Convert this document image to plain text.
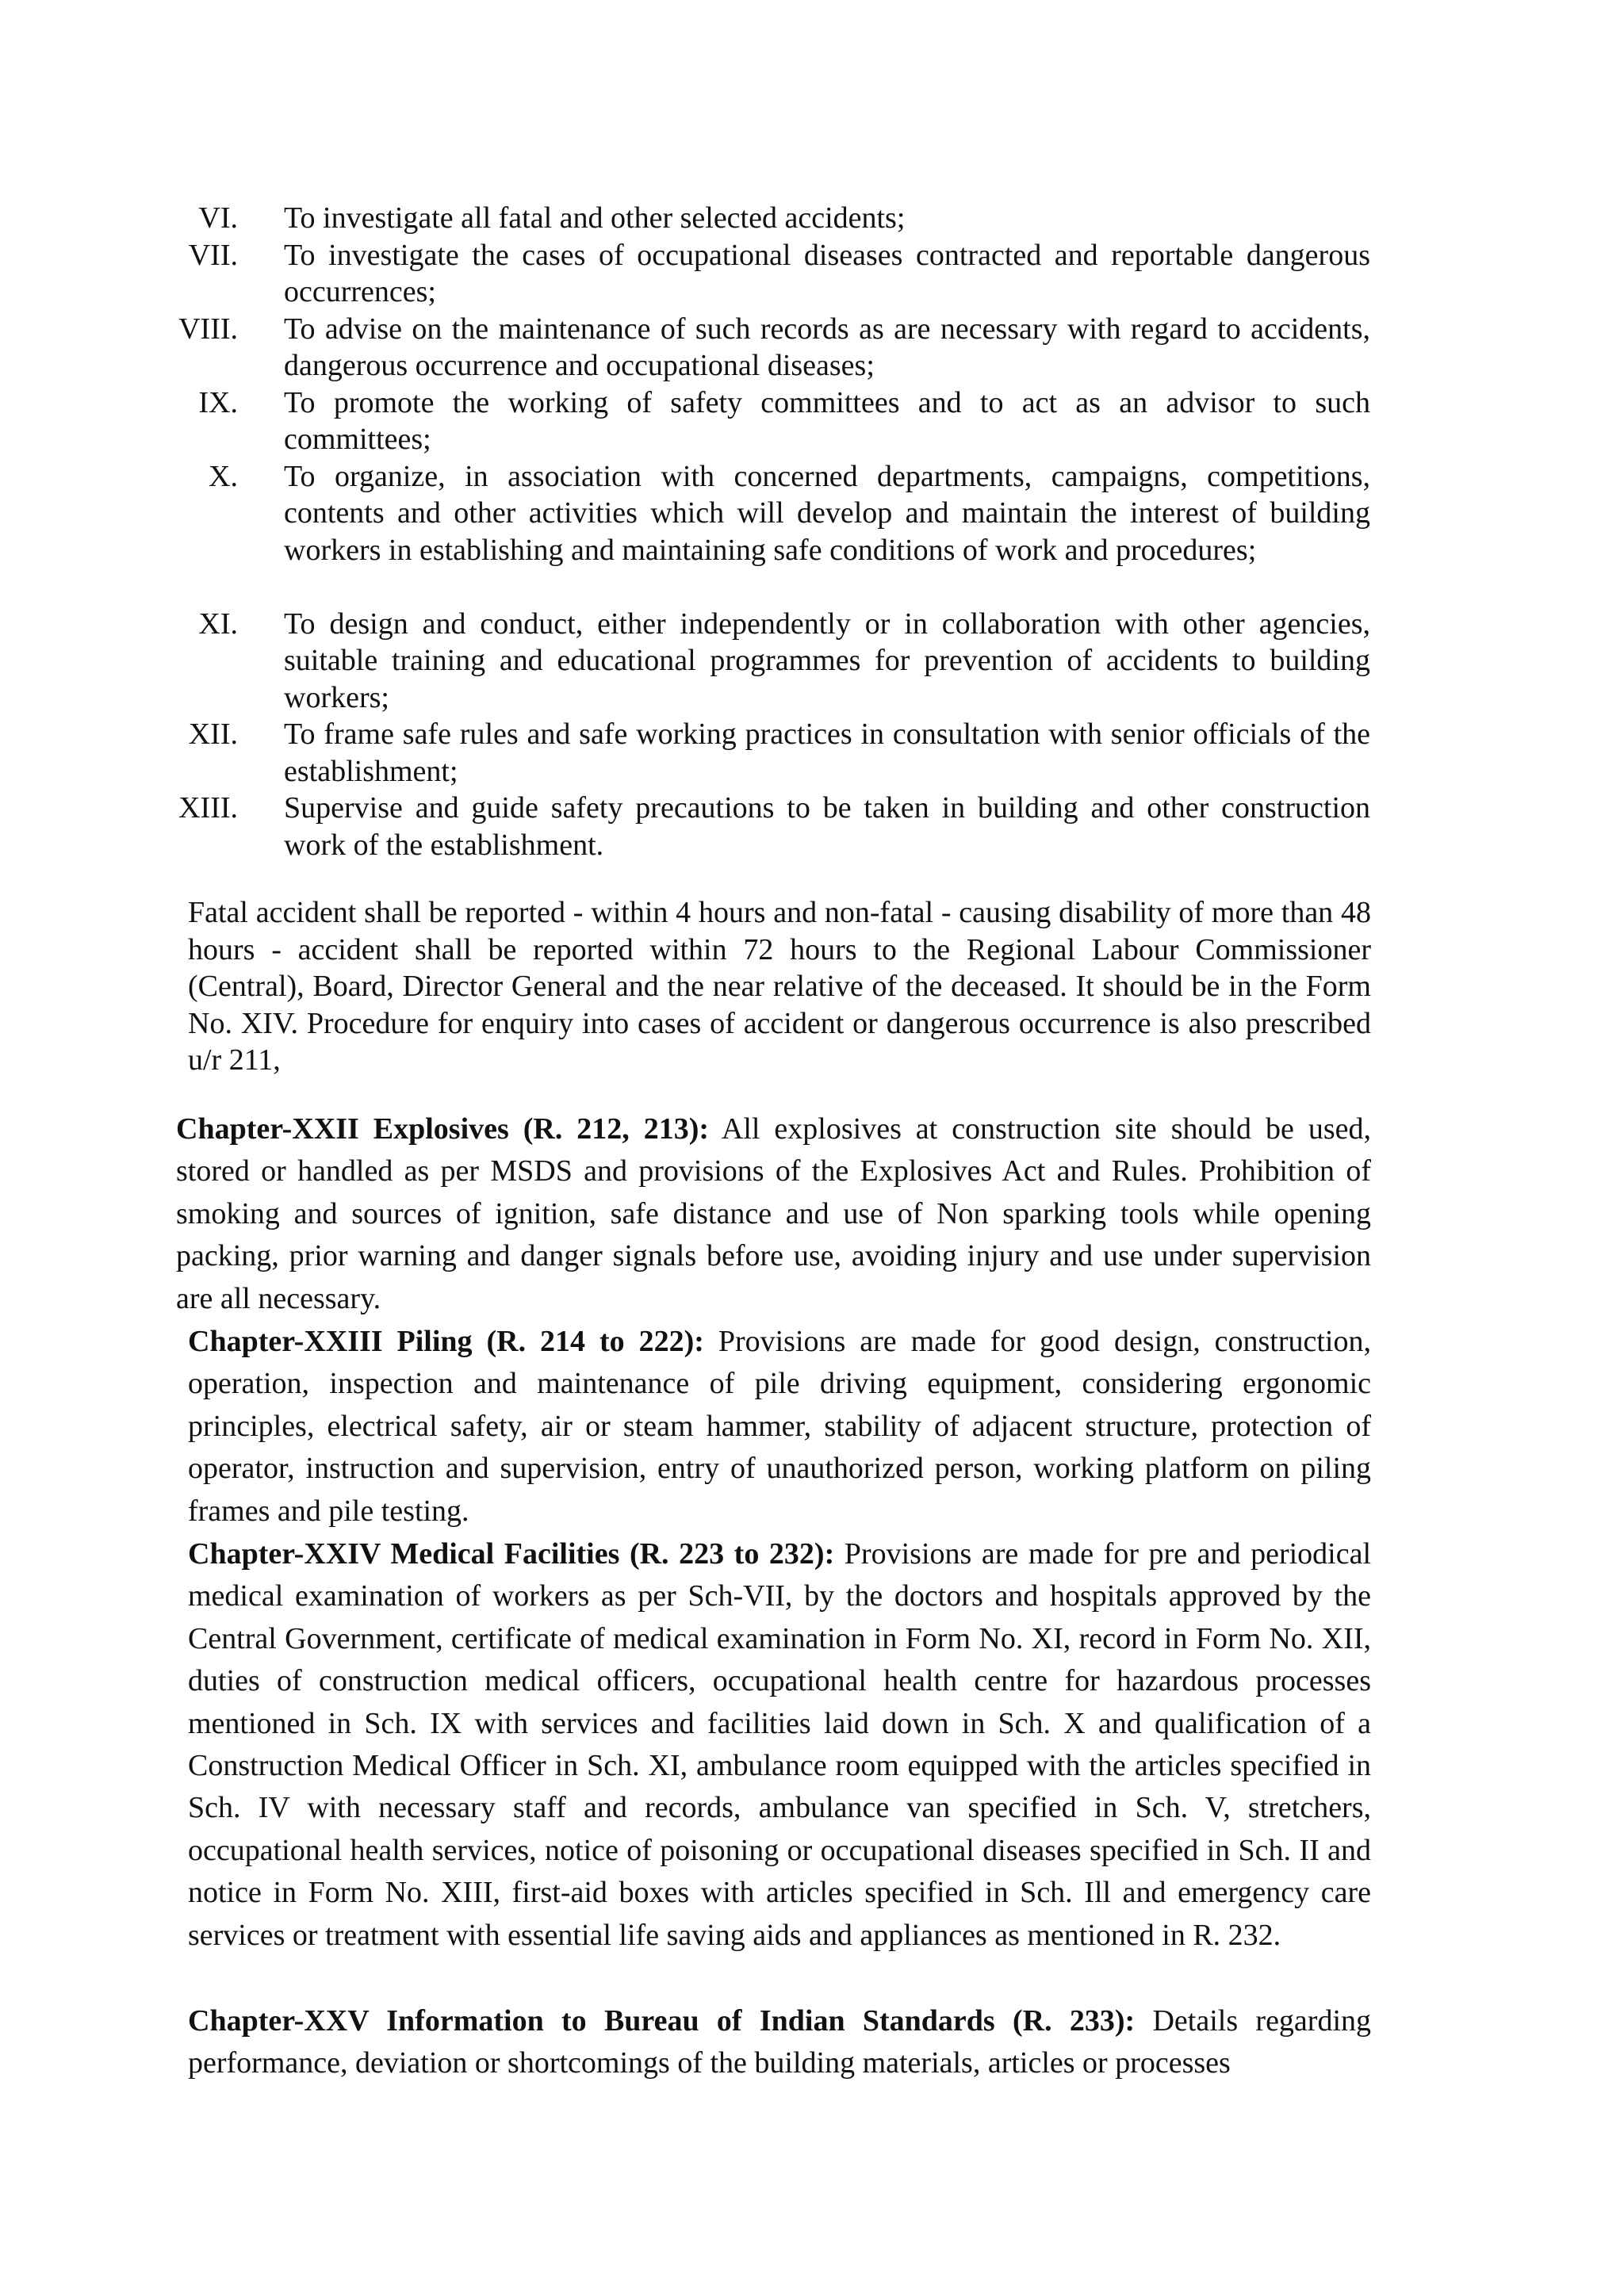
VI. To investigate all fatal and other selected accidents;
VII. To investigate the cases of occupational diseases contracted and reportable dangerous occurrences;
VIII. To advise on the maintenance of such records as are necessary with regard to accidents, dangerous occurrence and occupational diseases;
IX. To promote the working of safety committees and to act as an advisor to such committees;
X. To organize, in association with concerned departments, campaigns, competitions, contents and other activities which will develop and maintain the interest of building workers in establishing and maintaining safe conditions of work and procedures;
XI. To design and conduct, either independently or in collaboration with other agencies, suitable training and educational programmes for prevention of accidents to building workers;
XII. To frame safe rules and safe working practices in consultation with senior officials of the establishment;
XIII. Supervise and guide safety precautions to be taken in building and other construction work of the establishment.

Fatal accident shall be reported - within 4 hours and non-fatal - causing disability of more than 48 hours - accident shall be reported within 72 hours to the Regional Labour Commissioner (Central), Board, Director General and the near relative of the deceased. It should be in the Form No. XIV. Procedure for enquiry into cases of accident or dangerous occurrence is also prescribed u/r 211,

Chapter-XXII Explosives (R. 212, 213): All explosives at construction site should be used, stored or handled as per MSDS and provisions of the Explosives Act and Rules. Prohibition of smoking and sources of ignition, safe distance and use of Non sparking tools while opening packing, prior warning and danger signals before use, avoiding injury and use under supervision are all necessary.

Chapter-XXIII Piling (R. 214 to 222): Provisions are made for good design, construction, operation, inspection and maintenance of pile driving equipment, considering ergonomic principles, electrical safety, air or steam hammer, stability of adjacent structure, protection of operator, instruction and supervision, entry of unauthorized person, working platform on piling frames and pile testing.

Chapter-XXIV Medical Facilities (R. 223 to 232): Provisions are made for pre and periodical medical examination of workers as per Sch-VII, by the doctors and hospitals approved by the Central Government, certificate of medical examination in Form No. XI, record in Form No. XII, duties of construction medical officers, occupational health centre for hazardous processes mentioned in Sch. IX with services and facilities laid down in Sch. X and qualification of a Construction Medical Officer in Sch. XI, ambulance room equipped with the articles specified in Sch. IV with necessary staff and records, ambulance van specified in Sch. V, stretchers, occupational health services, notice of poisoning or occupational diseases specified in Sch. II and notice in Form No. XIII, first-aid boxes with articles specified in Sch. Ill and emergency care services or treatment with essential life saving aids and appliances as mentioned in R. 232.

Chapter-XXV Information to Bureau of Indian Standards (R. 233): Details regarding performance, deviation or shortcomings of the building materials, articles or processes
